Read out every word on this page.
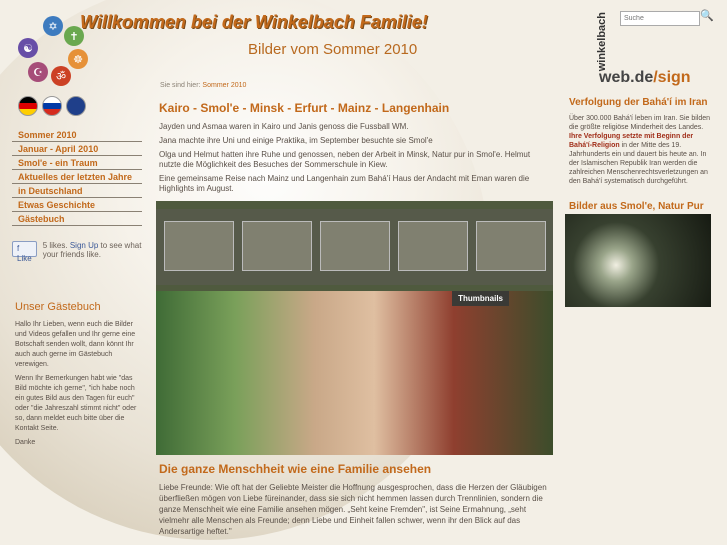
✡
✝
☸
ॐ
☪
☯
Willkommen bei der Winkelbach Familie!
Bilder vom Sommer 2010
Sommer 2010
Januar - April 2010
Smol'e - ein Traum
Aktuelles der letzten Jahre
in Deutschland
Etwas Geschichte
Gästebuch
f Like
5 likes. Sign Up to see what your friends like.
Unser Gästebuch

Hallo Ihr Lieben, wenn euch die Bilder und Videos gefallen und Ihr gerne eine Botschaft senden wollt, dann könnt Ihr auch auch gerne im Gästebuch verewigen.

Wenn Ihr Bemerkungen habt wie "das Bild möchte ich gerne", "ich habe noch ein gutes Bild aus den Tagen für euch" oder "die Jahreszahl stimmt nicht" oder so, dann meldet euch bitte über die Kontakt Seite.

Danke

Sie sind hier: Sommer 2010
Kairo - Smol'e - Minsk - Erfurt - Mainz - Langenhain

Jayden und Asmaa waren in Kairo und Janis genoss die Fussball WM.

Jana machte ihre Uni und einige Praktika, im September besuchte sie Smol'e

Olga und Helmut hatten ihre Ruhe und genossen, neben der Arbeit in Minsk, Natur pur in Smol'e. Helmut nutzte die Möglichkeit des Besuches der Sommerschule in Kiew.

Eine gemeinsame Reise nach Mainz und Langenhain zum Bahá'í Haus der Andacht mit Eman waren die Highlights im August.

Thumbnails
Die ganze Menschheit wie eine Familie ansehen
Liebe Freunde: Wie oft hat der Geliebte Meister die Hoffnung ausgesprochen, dass die Herzen der Gläubigen überfließen mögen von Liebe füreinander, dass sie sich nicht hemmen lassen durch Trennlinien, sondern die ganze Menschheit wie eine Familie ansehen mögen. „Seht keine Fremden", ist Seine Ermahnung, „seht vielmehr alle Menschen als Freunde; denn Liebe und Einheit fallen schwer, wenn ihr den Blick auf das Andersartige heftet."
Suche
🔍
winkelbach
web.de/sign
Verfolgung der Bahá'í im Iran
Über 300.000 Bahá'í leben im Iran. Sie bilden die größte religiöse Minderheit des Landes. Ihre Verfolgung setzte mit Beginn der Bahá'í-Religion in der Mitte des 19. Jahrhunderts ein und dauert bis heute an. In der Islamischen Republik Iran werden die zahlreichen Menschenrechtsverletzungen an den Bahá'í systematisch durchgeführt.
Bilder aus Smol'e, Natur Pur
